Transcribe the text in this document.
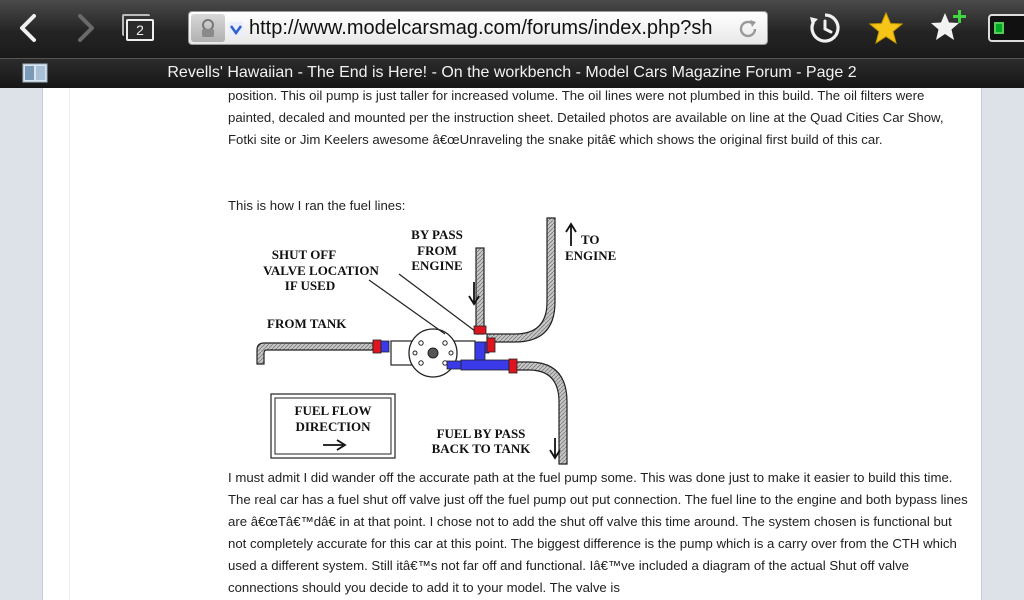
2	http://www.modelcarsmag.com/forums/index.php?sh
Revells' Hawaiian - The End is Here! - On the workbench - Model Cars Magazine Forum - Page 2
position. This oil pump is just taller for increased volume. The oil lines were not plumbed in this build. The oil filters were painted, decaled and mounted per the instruction sheet. Detailed photos are available on line at the Quad Cities Car Show, Fotki site or Jim Keelers awesome â€œUnraveling the snake pitâ€ which shows the original first build of this car.
This is how I ran the fuel lines:
SHUT OFF
VALVE LOCATION
IF USED
BY PASS
FROM
ENGINE
TO
ENGINE
FROM TANK
FUEL FLOW
DIRECTION	FUEL BY PASS
BACK TO TANK
I must admit I did wander off the accurate path at the fuel pump some. This was done just to make it easier to build this time. The real car has a fuel shut off valve just off the fuel pump out put connection. The fuel line to the engine and both bypass lines are â€œTâ€™dâ€ in at that point. I chose not to add the shut off valve this time around. The system chosen is functional but not completely accurate for this car at this point. The biggest difference is the pump which is a carry over from the CTH which used a different system. Still itâ€™s not far off and functional. Iâ€™ve included a diagram of the actual Shut off valve connections should you decide to add it to your model. The valve is
